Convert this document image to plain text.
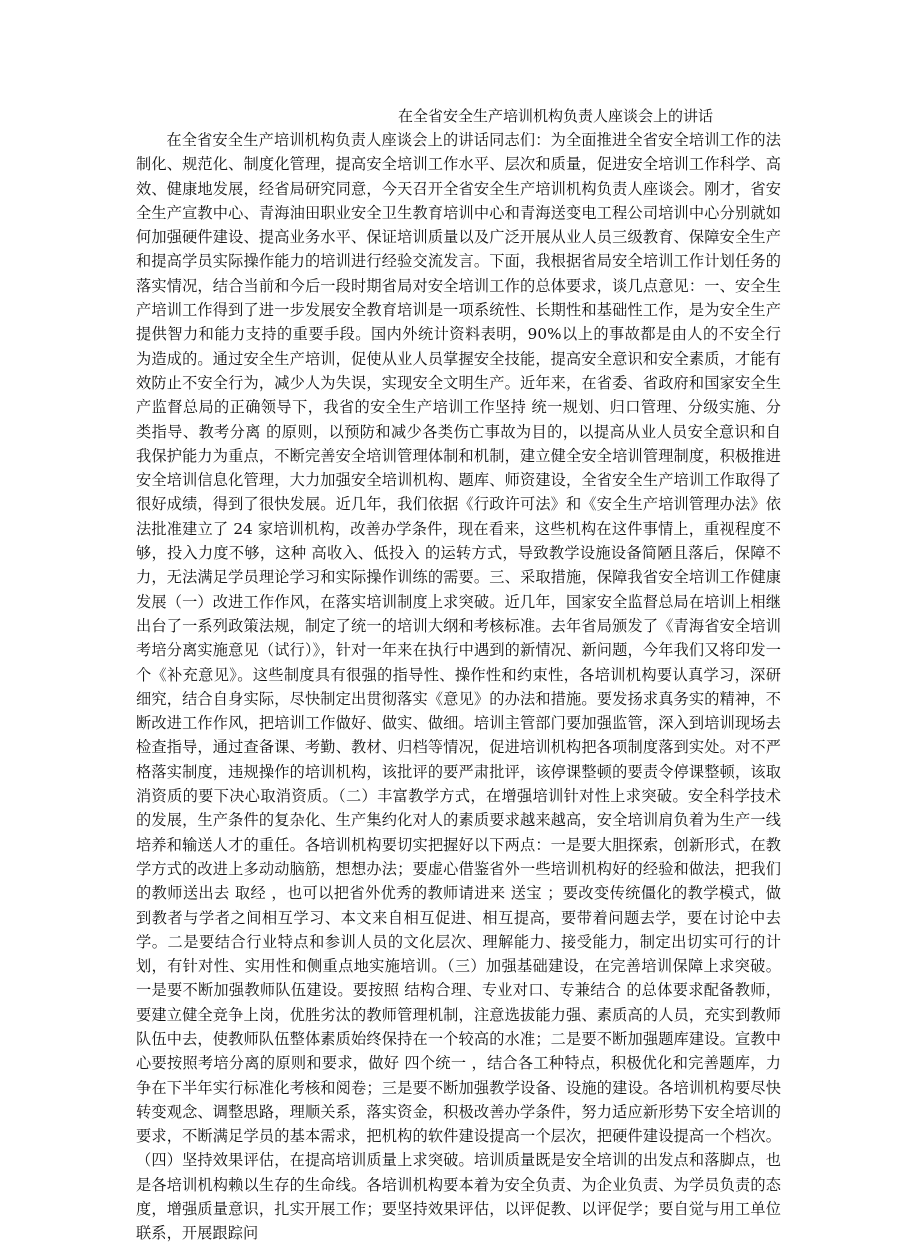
在全省安全生产培训机构负责人座谈会上的讲话

在全省安全生产培训机构负责人座谈会上的讲话同志们：为全面推进全省安全培训工作的法制化、规范化、制度化管理，提高安全培训工作水平、层次和质量，促进安全培训工作科学、高效、健康地发展，经省局研究同意，今天召开全省安全生产培训机构负责人座谈会。刚才，省安全生产宣教中心、青海油田职业安全卫生教育培训中心和青海送变电工程公司培训中心分别就如何加强硬件建设、提高业务水平、保证培训质量以及广泛开展从业人员三级教育、保障安全生产和提高学员实际操作能力的培训进行经验交流发言。下面，我根据省局安全培训工作计划任务的落实情况，结合当前和今后一段时期省局对安全培训工作的总体要求，谈几点意见：一、安全生产培训工作得到了进一步发展安全教育培训是一项系统性、长期性和基础性工作，是为安全生产提供智力和能力支持的重要手段。国内外统计资料表明，90%以上的事故都是由人的不安全行为造成的。通过安全生产培训，促使从业人员掌握安全技能，提高安全意识和安全素质，才能有效防止不安全行为，减少人为失误，实现安全文明生产。近年来，在省委、省政府和国家安全生产监督总局的正确领导下，我省的安全生产培训工作坚持 统一规划、归口管理、分级实施、分类指导、教考分离 的原则，以预防和减少各类伤亡事故为目的，以提高从业人员安全意识和自我保护能力为重点，不断完善安全培训管理体制和机制，建立健全安全培训管理制度，积极推进安全培训信息化管理，大力加强安全培训机构、题库、师资建设，全省安全生产培训工作取得了很好成绩，得到了很快发展。近几年，我们依据《行政许可法》和《安全生产培训管理办法》依法批准建立了 24 家培训机构，改善办学条件，现在看来，这些机构在这件事情上，重视程度不够，投入力度不够，这种 高收入、低投入 的运转方式，导致教学设施设备简陋且落后，保障不力，无法满足学员理论学习和实际操作训练的需要。三、采取措施，保障我省安全培训工作健康发展（一）改进工作作风，在落实培训制度上求突破。近几年，国家安全监督总局在培训上相继出台了一系列政策法规，制定了统一的培训大纲和考核标准。去年省局颁发了《青海省安全培训考培分离实施意见（试行）》，针对一年来在执行中遇到的新情况、新问题，今年我们又将印发一个《补充意见》。这些制度具有很强的指导性、操作性和约束性，各培训机构要认真学习，深研细究，结合自身实际，尽快制定出贯彻落实《意见》的办法和措施。要发扬求真务实的精神，不断改进工作作风，把培训工作做好、做实、做细。培训主管部门要加强监管，深入到培训现场去检查指导，通过查备课、考勤、教材、归档等情况，促进培训机构把各项制度落到实处。对不严格落实制度，违规操作的培训机构，该批评的要严肃批评，该停课整顿的要责令停课整顿，该取消资质的要下决心取消资质。（二）丰富教学方式，在增强培训针对性上求突破。安全科学技术的发展，生产条件的复杂化、生产集约化对人的素质要求越来越高，安全培训肩负着为生产一线培养和输送人才的重任。各培训机构要切实把握好以下两点：一是要大胆探索，创新形式，在教学方式的改进上多动动脑筋，想想办法；要虚心借鉴省外一些培训机构好的经验和做法，把我们的教师送出去 取经 ，也可以把省外优秀的教师请进来 送宝 ；要改变传统僵化的教学模式，做到教者与学者之间相互学习、本文来自相互促进、相互提高，要带着问题去学，要在讨论中去学。二是要结合行业特点和参训人员的文化层次、理解能力、接受能力，制定出切实可行的计划，有针对性、实用性和侧重点地实施培训。（三）加强基础建设，在完善培训保障上求突破。一是要不断加强教师队伍建设。要按照 结构合理、专业对口、专兼结合 的总体要求配备教师，要建立健全竞争上岗，优胜劣汰的教师管理机制，注意选拔能力强、素质高的人员，充实到教师队伍中去，使教师队伍整体素质始终保持在一个较高的水准；二是要不断加强题库建设。宣教中心要按照考培分离的原则和要求，做好 四个统一 ，结合各工种特点，积极优化和完善题库，力争在下半年实行标准化考核和阅卷；三是要不断加强教学设备、设施的建设。各培训机构要尽快转变观念、调整思路，理顺关系，落实资金，积极改善办学条件，努力适应新形势下安全培训的要求，不断满足学员的基本需求，把机构的软件建设提高一个层次，把硬件建设提高一个档次。（四）坚持效果评估，在提高培训质量上求突破。培训质量既是安全培训的出发点和落脚点，也是各培训机构赖以生存的生命线。各培训机构要本着为安全负责、为企业负责、为学员负责的态度，增强质量意识，扎实开展工作；要坚持效果评估，以评促教、以评促学；要自觉与用工单位联系，开展跟踪问
